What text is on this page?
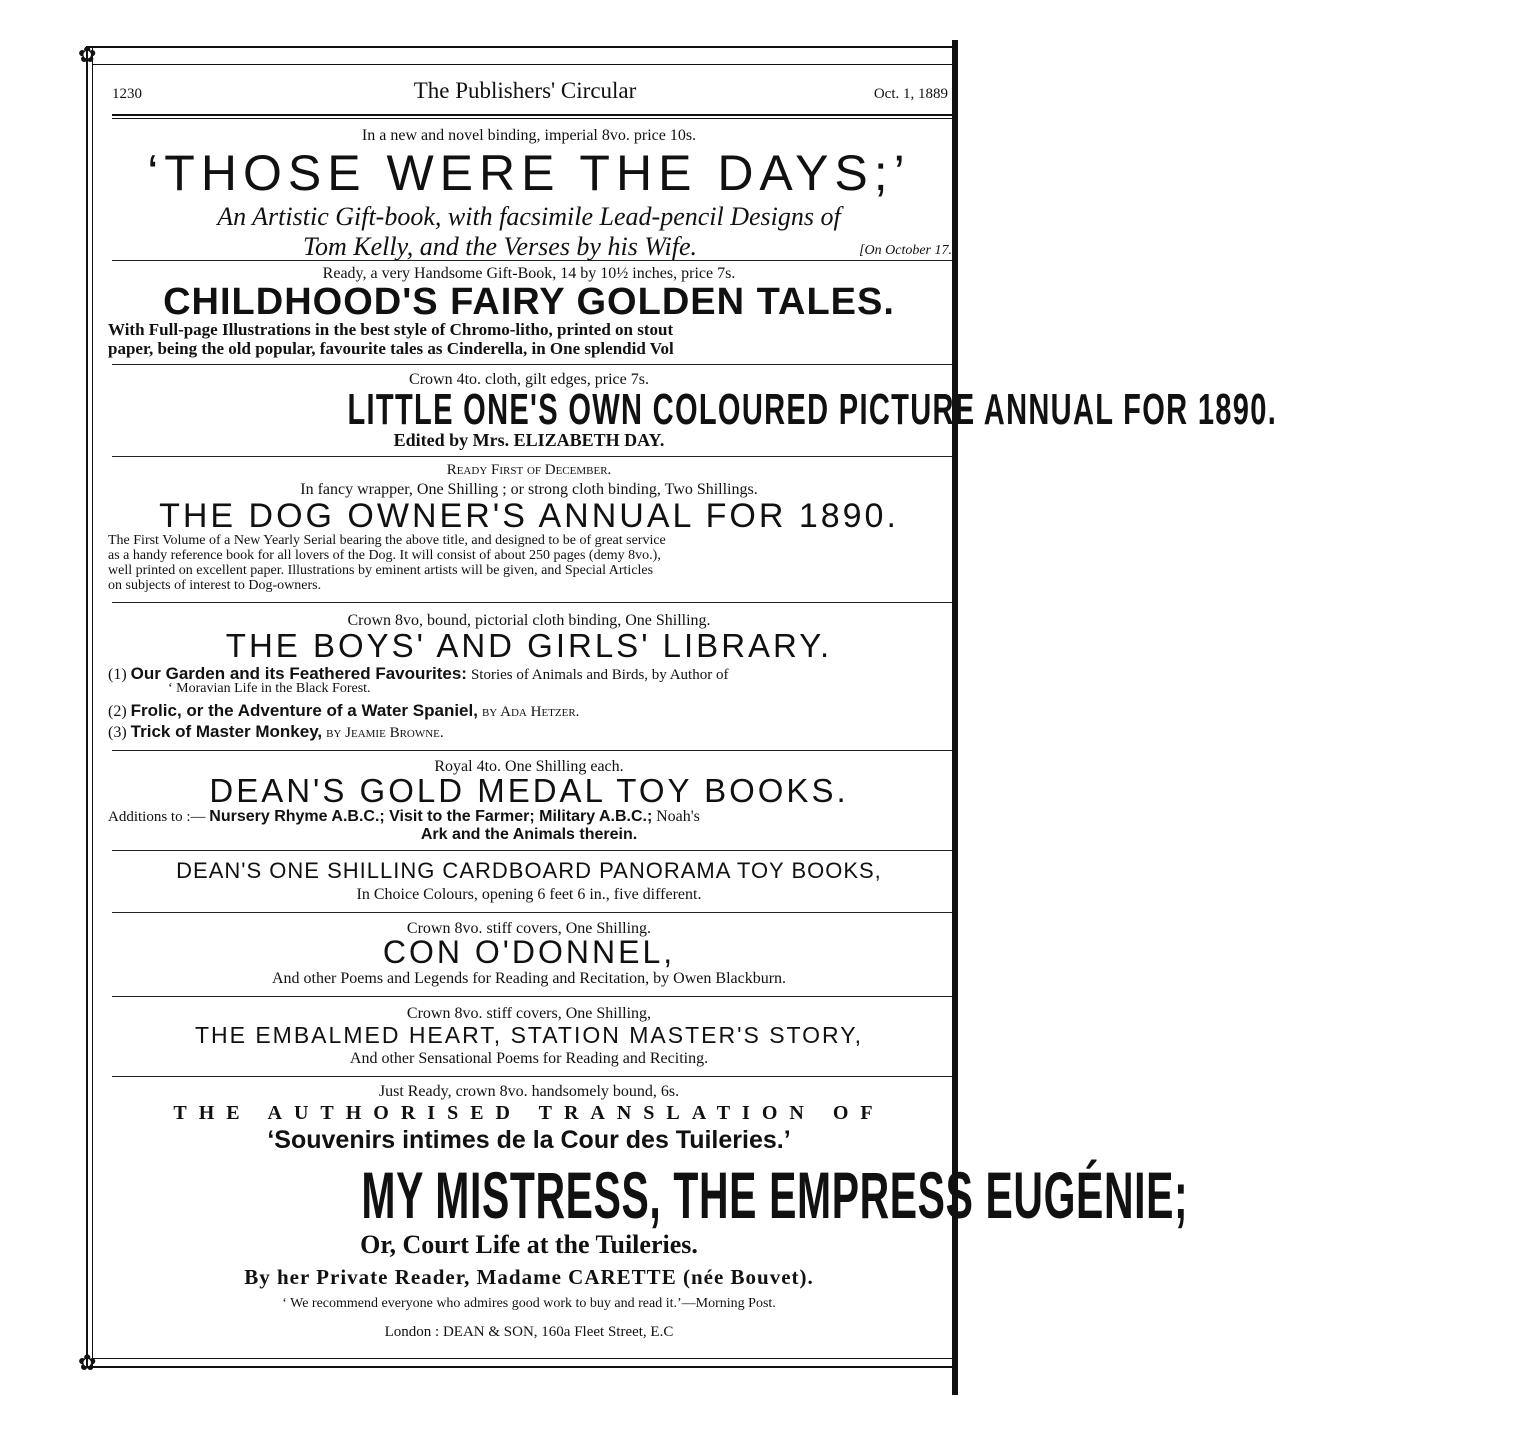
✿
✿
1230	The Publishers' Circular	Oct. 1, 1889
In a new and novel binding, imperial 8vo. price 10s.
‘THOSE WERE THE DAYS;’
An Artistic Gift-book, with facsimile Lead-pencil Designs of
Tom Kelly, and the Verses by his Wife.	[On October 17.
Ready, a very Handsome Gift-Book, 14 by 10½ inches, price 7s.
CHILDHOOD'S FAIRY GOLDEN TALES.
With Full-page Illustrations in the best style of Chromo-litho, printed on stout
paper, being the old popular, favourite tales as Cinderella, in One splendid Vol
Crown 4to. cloth, gilt edges, price 7s.
LITTLE ONE'S OWN COLOURED PICTURE ANNUAL FOR 1890.
Edited by Mrs. ELIZABETH DAY.
Ready First of December.
In fancy wrapper, One Shilling ; or strong cloth binding, Two Shillings.
THE DOG OWNER'S ANNUAL FOR 1890.
The First Volume of a New Yearly Serial bearing the above title, and designed to be of great service
as a handy reference book for all lovers of the Dog. It will consist of about 250 pages (demy 8vo.),
well printed on excellent paper. Illustrations by eminent artists will be given, and Special Articles
on subjects of interest to Dog-owners.
Crown 8vo, bound, pictorial cloth binding, One Shilling.
THE BOYS' AND GIRLS' LIBRARY.
(1) Our Garden and its Feathered Favourites: Stories of Animals and Birds, by Author of
‘ Moravian Life in the Black Forest.
(2) Frolic, or the Adventure of a Water Spaniel, by Ada Hetzer.
(3) Trick of Master Monkey, by Jeamie Browne.
Royal 4to. One Shilling each.
DEAN'S GOLD MEDAL TOY BOOKS.
Additions to :— Nursery Rhyme A.B.C.; Visit to the Farmer; Military A.B.C.; Noah's
Ark and the Animals therein.
DEAN'S ONE SHILLING CARDBOARD PANORAMA TOY BOOKS,
In Choice Colours, opening 6 feet 6 in., five different.
Crown 8vo. stiff covers, One Shilling.
CON O'DONNEL,
And other Poems and Legends for Reading and Recitation, by Owen Blackburn.
Crown 8vo. stiff covers, One Shilling,
THE EMBALMED HEART, STATION MASTER'S STORY,
And other Sensational Poems for Reading and Reciting.
Just Ready, crown 8vo. handsomely bound, 6s.
THE AUTHORISED TRANSLATION OF
‘Souvenirs intimes de la Cour des Tuileries.’
MY MISTRESS, THE EMPRESS EUGÉNIE;
Or, Court Life at the Tuileries.
By her Private Reader, Madame CARETTE (née Bouvet).
‘ We recommend everyone who admires good work to buy and read it.’—Morning Post.
London : DEAN & SON, 160a Fleet Street, E.C
